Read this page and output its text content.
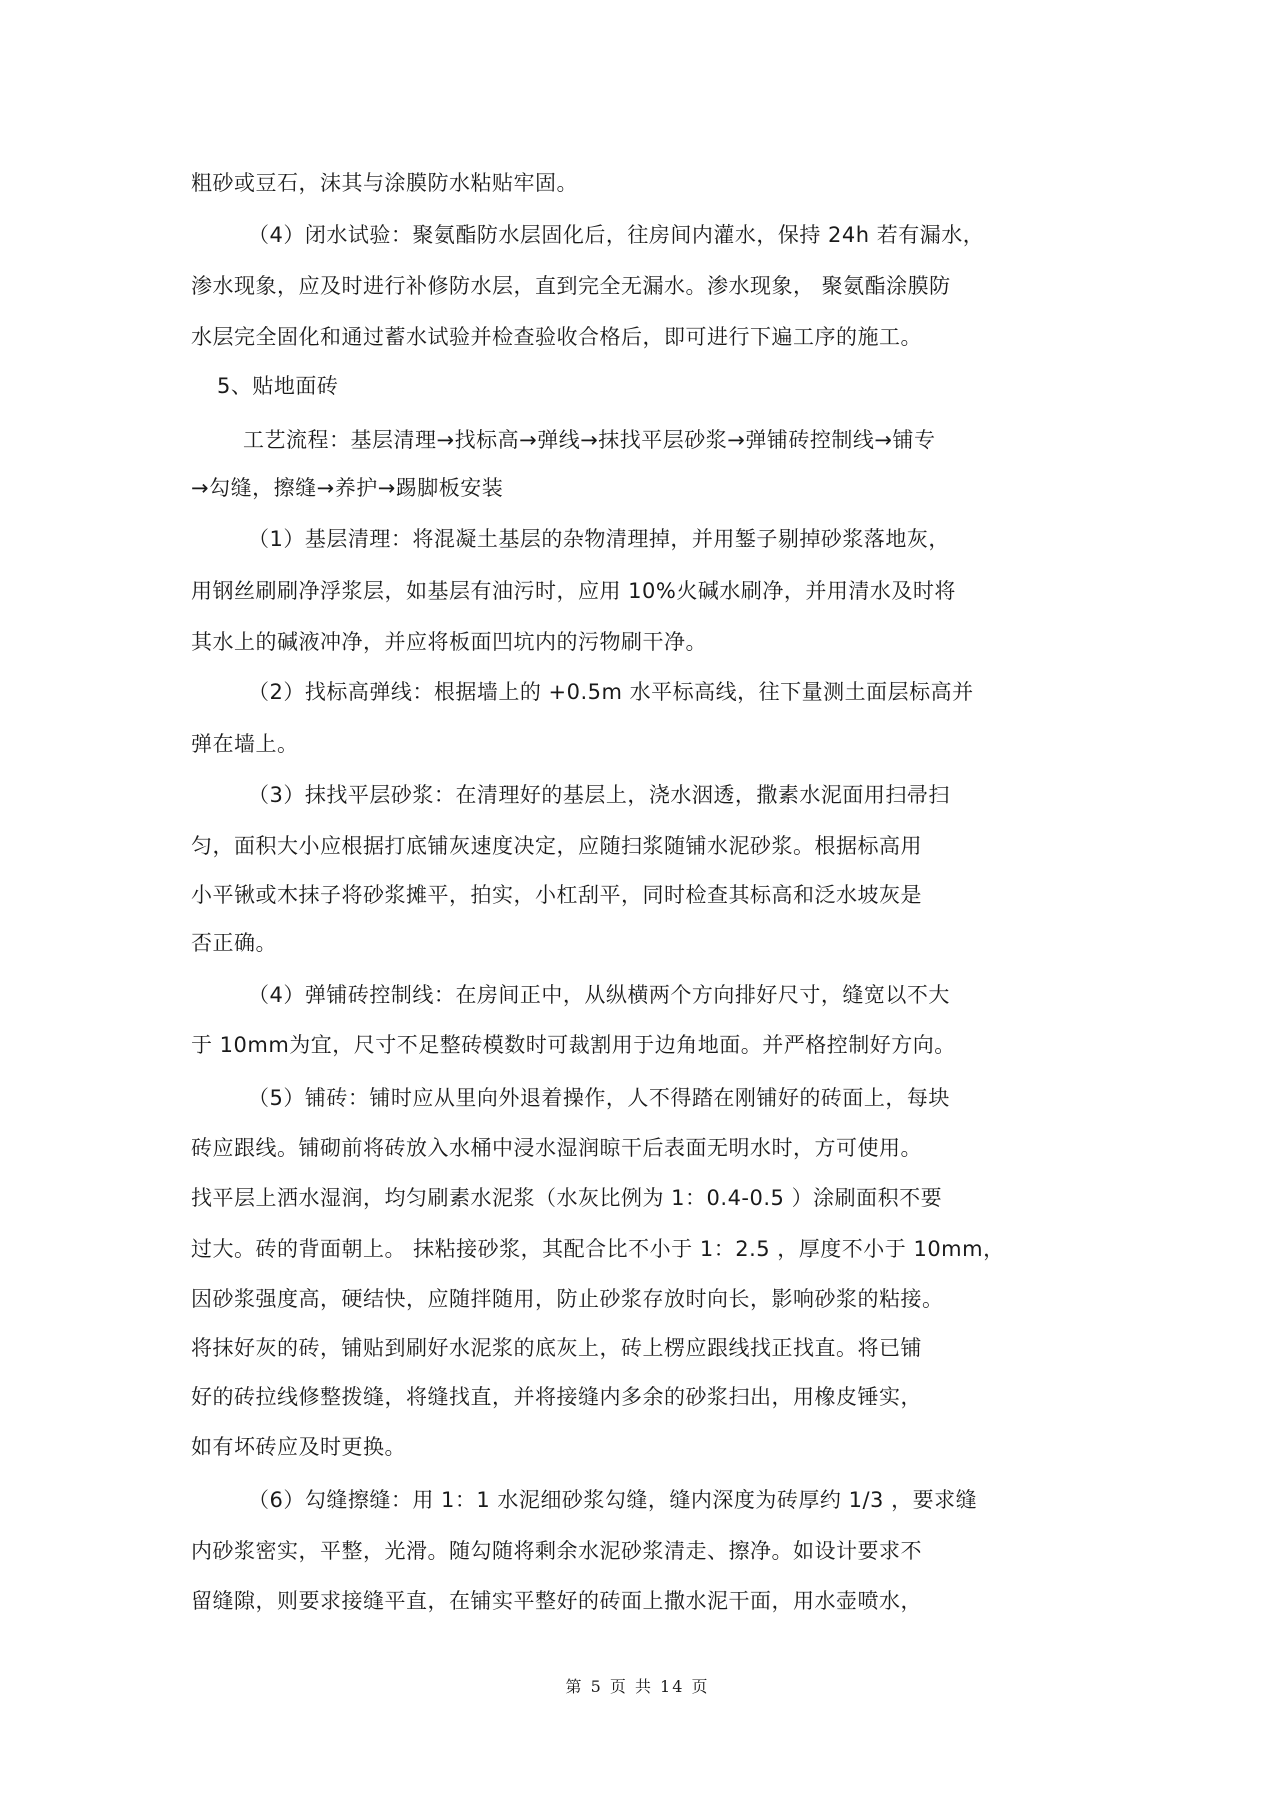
粗砂或豆石，沫其与涂膜防水粘贴牢固。
（4）闭水试验：聚氨酯防水层固化后，往房间内灌水，保持 24h 若有漏水，
渗水现象，应及时进行补修防水层，直到完全无漏水。渗水现象， 聚氨酯涂膜防
水层完全固化和通过蓄水试验并检查验收合格后，即可进行下遍工序的施工。
5、贴地面砖
工艺流程：基层清理→找标高→弹线→抹找平层砂浆→弹铺砖控制线→铺专
→勾缝，擦缝→养护→踢脚板安装
（1）基层清理：将混凝土基层的杂物清理掉，并用錾子剔掉砂浆落地灰，
用钢丝刷刷净浮浆层，如基层有油污时，应用 10%火碱水刷净，并用清水及时将
其水上的碱液冲净，并应将板面凹坑内的污物刷干净。
（2）找标高弹线：根据墙上的 +0.5m 水平标高线，往下量测土面层标高并
弹在墙上。
（3）抹找平层砂浆：在清理好的基层上，浇水洇透，撒素水泥面用扫帚扫
匀，面积大小应根据打底铺灰速度决定，应随扫浆随铺水泥砂浆。根据标高用
小平锹或木抹子将砂浆摊平，拍实，小杠刮平，同时检查其标高和泛水坡灰是
否正确。
（4）弹铺砖控制线：在房间正中，从纵横两个方向排好尺寸，缝宽以不大
于 10mm为宜，尺寸不足整砖模数时可裁割用于边角地面。并严格控制好方向。
（5）铺砖：铺时应从里向外退着操作，人不得踏在刚铺好的砖面上，每块
砖应跟线。铺砌前将砖放入水桶中浸水湿润晾干后表面无明水时，方可使用。
找平层上洒水湿润，均匀刷素水泥浆（水灰比例为 1：0.4-0.5 ）涂刷面积不要
过大。砖的背面朝上。 抹粘接砂浆，其配合比不小于 1：2.5 ，厚度不小于 10mm，
因砂浆强度高，硬结快，应随拌随用，防止砂浆存放时向长，影响砂浆的粘接。
将抹好灰的砖，铺贴到刷好水泥浆的底灰上，砖上楞应跟线找正找直。将已铺
好的砖拉线修整拨缝，将缝找直，并将接缝内多余的砂浆扫出，用橡皮锤实，
如有坏砖应及时更换。
（6）勾缝擦缝：用 1：1 水泥细砂浆勾缝，缝内深度为砖厚约 1/3 ，要求缝
内砂浆密实，平整，光滑。随勾随将剩余水泥砂浆清走、擦净。如设计要求不
留缝隙，则要求接缝平直，在铺实平整好的砖面上撒水泥干面，用水壶喷水，
第 5 页 共 14 页
